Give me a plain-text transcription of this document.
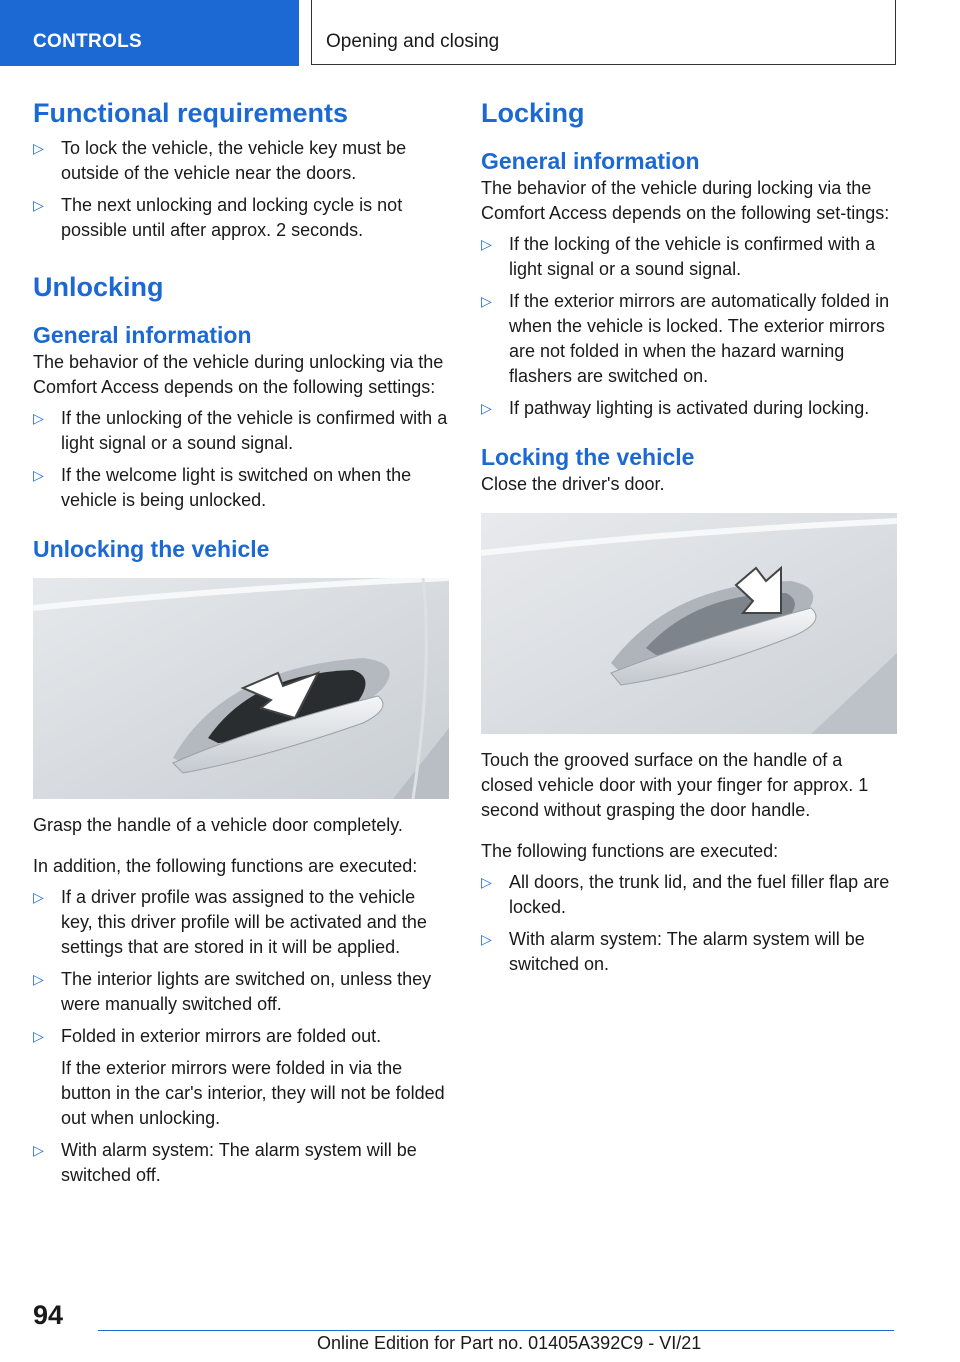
CONTROLS	Opening and closing
Functional requirements
▷ To lock the vehicle, the vehicle key must be outside of the vehicle near the doors.
▷ The next unlocking and locking cycle is not possible until after approx. 2 seconds.
Unlocking
General information

The behavior of the vehicle during unlocking via the Comfort Access depends on the following settings:

▷ If the unlocking of the vehicle is confirmed with a light signal or a sound signal.
▷ If the welcome light is switched on when the vehicle is being unlocked.
Unlocking the vehicle

Grasp the handle of a vehicle door completely.

In addition, the following functions are executed:

▷ If a driver profile was assigned to the vehicle key, this driver profile will be activated and the settings that are stored in it will be applied.
▷ The interior lights are switched on, unless they were manually switched off.
▷ Folded in exterior mirrors are folded out.
If the exterior mirrors were folded in via the button in the car's interior, they will not be folded out when unlocking.
▷ With alarm system: The alarm system will be switched off.
Locking
General information

The behavior of the vehicle during locking via the Comfort Access depends on the following set-tings:

▷ If the locking of the vehicle is confirmed with a light signal or a sound signal.
▷ If the exterior mirrors are automatically folded in when the vehicle is locked. The exterior mirrors are not folded in when the hazard warning flashers are switched on.
▷ If pathway lighting is activated during locking.
Locking the vehicle

Close the driver's door.

Touch the grooved surface on the handle of a closed vehicle door with your finger for approx. 1 second without grasping the door handle.

The following functions are executed:

▷ All doors, the trunk lid, and the fuel filler flap are locked.
▷ With alarm system: The alarm system will be switched on.
94
Online Edition for Part no. 01405A392C9 - VI/21
